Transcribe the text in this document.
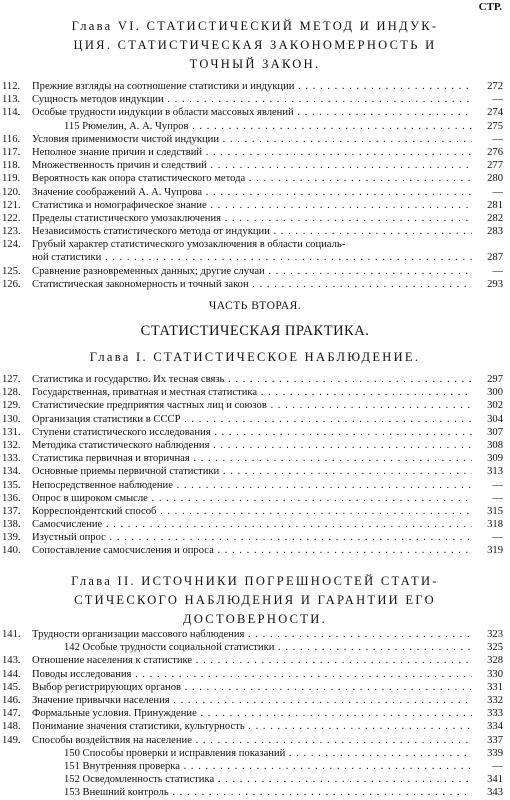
СТР.
Глава VI. СТАТИСТИЧЕСКИЙ МЕТОД И ИНДУК-
ЦИЯ. СТАТИСТИЧЕСКАЯ ЗАКОНОМЕРНОСТЬ И
ТОЧНЫЙ ЗАКОН.
112.	Прежние взгляды на соотношение статистики и индукции . . .	272
113.	Сущность методов индукции . . .	—
114.	Особые трудности индукции в области массовых явлений . . .	274
115 Рюмелин, А. А. Чупров . . .	275
116.	Условия применимости чистой индукции . . .	—
117.	Неполное знание причин и следствий . . .	276
118.	Множественность причин и следствий . . .	277
119.	Вероятность как опора статистического метода . . .	280
120.	Значение соображений А. А. Чупрова . . .	—
121.	Статистика и номографическое знание . . .	281
122.	Пределы статистического умозаключения . . .	282
123.	Независимость статистического метода от индукции . . .	283
124.	Грубый характер статистического умозаключения в области социаль-
ной статистики . . .	287
125.	Сравнение разновременных данных; другие случаи . . .	—
126.	Статистическая закономерность и точный закон . . .	293
ЧАСТЬ ВТОРАЯ.
СТАТИСТИЧЕСКАЯ ПРАКТИКА.
Глава I. СТАТИСТИЧЕСКОЕ НАБЛЮДЕНИЕ.
127.	Статистика и государство. Их тесная связь . . .	297
128.	Государственная, приватная и местная статистика . . .	300
129.	Статистические предприятия частных лиц и союзов . . .	302
130.	Организация статистики в СССР . . .	304
131.	Ступени статистического исследования . . .	307
132.	Методика статистического наблюдения . . .	308
133.	Статистика первичная и вторичная . . .	309
134.	Основные приемы первичной статистики . . .	313
135.	Непосредственное наблюдение . . .	—
136.	Опрос в широком смысле . . .	—
137.	Корреспондентский способ . . .	315
138.	Самосчисление . . .	318
139.	Изустный опрос . . .	—
140.	Сопоставление самосчисления и опроса . . .	319
Глава II. ИСТОЧНИКИ ПОГРЕШНОСТЕЙ СТАТИ-
СТИЧЕСКОГО НАБЛЮДЕНИЯ И ГАРАНТИИ ЕГО
ДОСТОВЕРНОСТИ.
141.	Трудности организации массового наблюдения . . .	323
142 Особые трудности социальной статистики . . .	325
143.	Отношение населения к статистике . . .	328
144.	Поводы исследования . . .	330
145.	Выбор регистрирующих органов . . .	331
146.	Значение привычки населения . . .	332
147.	Формальные условия. Принуждение . . .	333
148.	Понимание значения статистики, культурность . . .	334
149.	Способы воздействия на население . . .	337
150 Способы проверки и исправления показаний . . .	339
151 Внутренняя проверка . . .	—
152 Осведомленность статистика . . .	341
153 Внешний контроль . . .	343
